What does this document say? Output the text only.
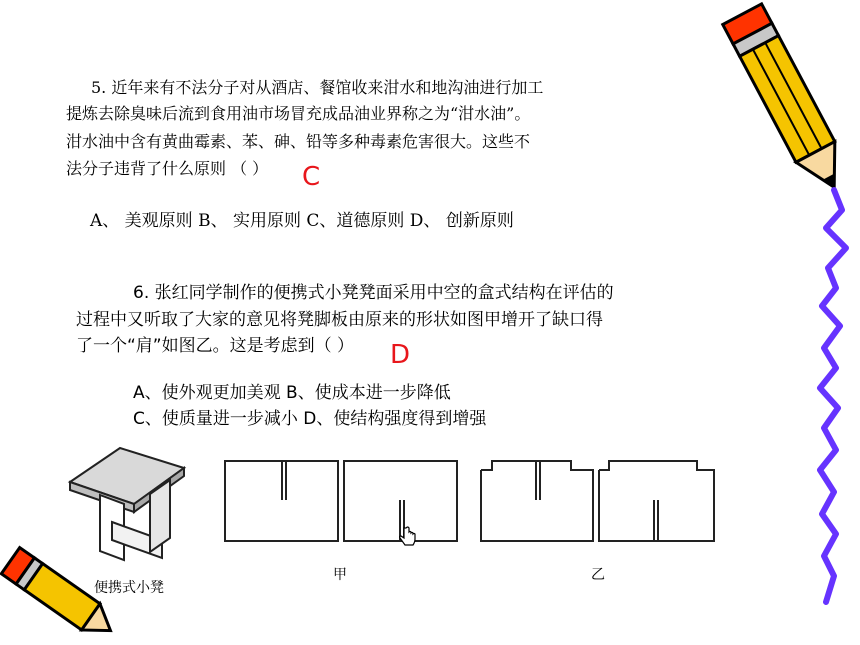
5. 近年来有不法分子对从酒店、餐馆收来泔水和地沟油进行加工
提炼去除臭味后流到食用油市场冒充成品油业界称之为“泔水油”。
泔水油中含有黄曲霉素、苯、砷、铅等多种毒素危害很大。这些不
法分子违背了什么原则 （ ） C
A、 美观原则 B、 实用原则 C、道德原则 D、 创新原则
6. 张红同学制作的便携式小凳凳面采用中空的盒式结构在评估的
过程中又听取了大家的意见将凳脚板由原来的形状如图甲增开了缺口得
了一个“肩”如图乙。这是考虑到（ ） D
A、使外观更加美观 B、使成本进一步降低
C、使质量进一步减小 D、使结构强度得到增强
便携式小凳
甲	乙
